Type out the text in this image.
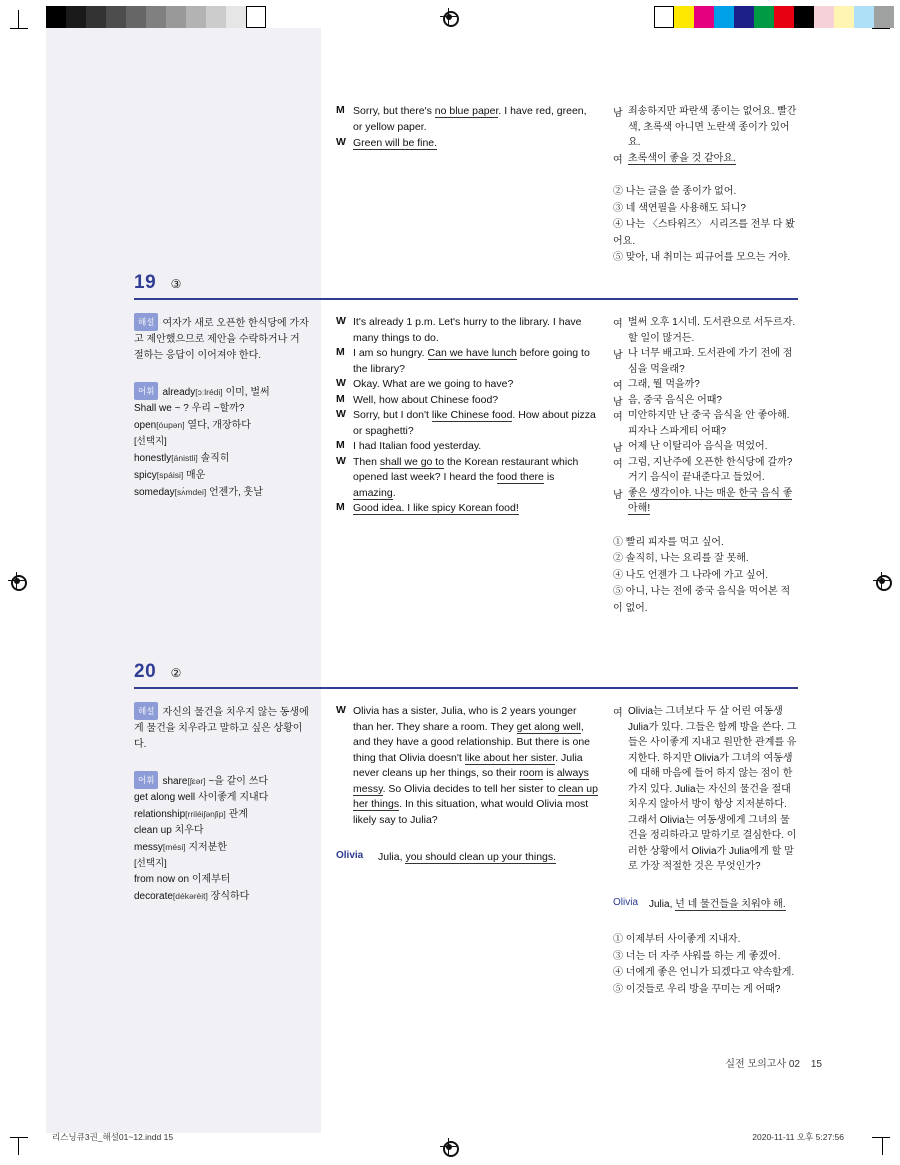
M Sorry, but there's no blue paper. I have red, green, or yellow paper.
W Green will be fine.
남 죄송하지만 파란색 종이는 없어요. 빨간색, 초록색 아니면 노란색 종이가 있어요.
여 초록색이 좋을 것 같아요.
② 나는 글을 쓸 종이가 없어.
③ 네 색연필을 사용해도 되니?
④ 나는 〈스타워즈〉 시리즈를 전부 다 봤어요.
⑤ 맞아, 내 취미는 피규어를 모으는 거야.
19 ③
해설 여자가 새로 오픈한 한식당에 가자고 제안했으므로 제안을 수락하거나 거절하는 응답이 이어져야 한다.
어휘 already[ɔːlrédi] 이미, 벌써
Shall we ~ ? 우리 ~할까?
open[óupən] 열다, 개장하다
[선택지]
honestly[ánistli] 솔직히
spicy[spáisi] 매운
someday[sʌ́mdei] 언젠가, 훗날
W It's already 1 p.m. Let's hurry to the library. I have many things to do.
M I am so hungry. Can we have lunch before going to the library?
W Okay. What are we going to have?
M Well, how about Chinese food?
W Sorry, but I don't like Chinese food. How about pizza or spaghetti?
M I had Italian food yesterday.
W Then shall we go to the Korean restaurant which opened last week? I heard the food there is amazing.
M Good idea. I like spicy Korean food!
여 벌써 오후 1시네. 도서관으로 서두르자. 할 일이 많거든.
남 나 너무 배고파. 도서관에 가기 전에 점심을 먹을래?
여 그래, 뭘 먹을까?
남 음, 중국 음식은 어때?
여 미안하지만 난 중국 음식을 안 좋아해. 피자나 스파게티 어때?
남 어제 난 이탈리아 음식을 먹었어.
여 그럼, 지난주에 오픈한 한식당에 갈까? 거기 음식이 끝내준다고 들었어.
남 좋은 생각이야. 나는 매운 한국 음식 좋아해!
① 빨리 피자를 먹고 싶어.
② 솔직히, 나는 요리를 잘 못해.
④ 나도 언젠가 그 나라에 가고 싶어.
⑤ 아니, 나는 전에 중국 음식을 먹어본 적이 없어.
20 ②
해설 자신의 물건을 치우지 않는 동생에게 물건을 치우라고 말하고 싶은 상황이다.
어휘 share[ʃɛər] ~을 같이 쓰다
get along well 사이좋게 지내다
relationship[rriléiʃənʃip] 관계
clean up 치우다
messy[mési] 지저분한
[선택지]
from now on 이제부터
decorate[dékərèit] 장식하다
W Olivia has a sister, Julia, who is 2 years younger than her. They share a room. They get along well, and they have a good relationship. But there is one thing that Olivia doesn't like about her sister. Julia never cleans up her things, so their room is always messy. So Olivia decides to tell her sister to clean up her things. In this situation, what would Olivia most likely say to Julia?
Olivia	Julia, you should clean up your things.
여 Olivia는 그녀보다 두 살 어린 여동생 Julia가 있다. 그들은 함께 방을 쓴다. 그들은 사이좋게 지내고 원만한 관계를 유지한다. 하지만 Olivia가 그녀의 여동생에 대해 마음에 들어 하지 않는 점이 한 가지 있다. Julia는 자신의 물건을 절대 치우지 않아서 방이 항상 지저분하다. 그래서 Olivia는 여동생에게 그녀의 물건을 정리하라고 말하기로 결심한다. 이러한 상황에서 Olivia가 Julia에게 할 말로 가장 적절한 것은 무엇인가?
Olivia	Julia, 넌 네 물건들을 치워야 해.
① 이제부터 사이좋게 지내자.
③ 너는 더 자주 샤워를 하는 게 좋겠어.
④ 너에게 좋은 언니가 되겠다고 약속할게.
⑤ 이것들로 우리 방을 꾸미는 게 어때?
실전 모의고사 02 15
리스닝큐3권_해설01~12.indd 15	2020-11-11 오후 5:27:56
